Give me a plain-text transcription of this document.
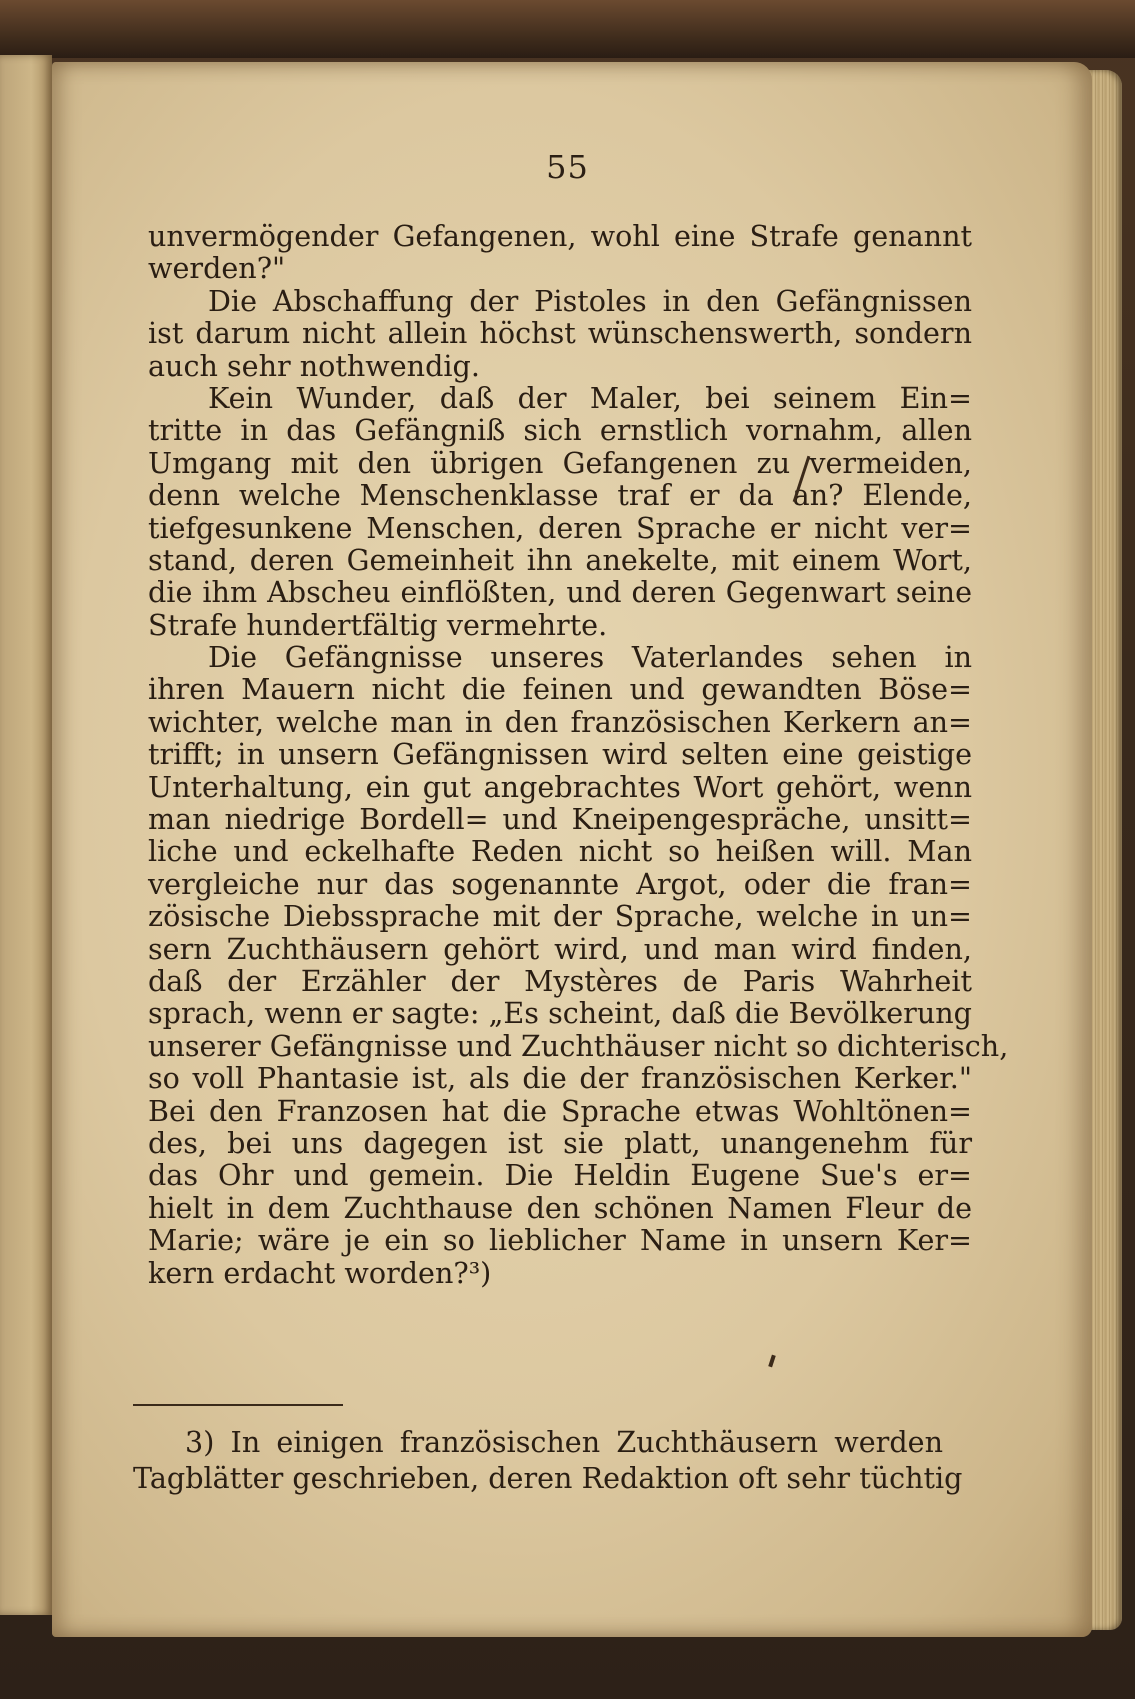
55
unvermögender Gefangenen, wohl eine Strafe genannt
werden?"
Die Abschaffung der Pistoles in den Gefängnissen
ist darum nicht allein höchst wünschenswerth, sondern
auch sehr nothwendig.
Kein Wunder, daß der Maler, bei seinem Ein=
tritte in das Gefängniß sich ernstlich vornahm, allen
Umgang mit den übrigen Gefangenen zu vermeiden,
denn welche Menschenklasse traf er da an? Elende,
tiefgesunkene Menschen, deren Sprache er nicht ver=
stand, deren Gemeinheit ihn anekelte, mit einem Wort,
die ihm Abscheu einflößten, und deren Gegenwart seine
Strafe hundertfältig vermehrte.
Die Gefängnisse unseres Vaterlandes sehen in
ihren Mauern nicht die feinen und gewandten Böse=
wichter, welche man in den französischen Kerkern an=
trifft; in unsern Gefängnissen wird selten eine geistige
Unterhaltung, ein gut angebrachtes Wort gehört, wenn
man niedrige Bordell= und Kneipengespräche, unsitt=
liche und eckelhafte Reden nicht so heißen will. Man
vergleiche nur das sogenannte Argot, oder die fran=
zösische Diebssprache mit der Sprache, welche in un=
sern Zuchthäusern gehört wird, und man wird finden,
daß der Erzähler der Mystères de Paris Wahrheit
sprach, wenn er sagte: „Es scheint, daß die Bevölkerung
unserer Gefängnisse und Zuchthäuser nicht so dichterisch,
so voll Phantasie ist, als die der französischen Kerker."
Bei den Franzosen hat die Sprache etwas Wohltönen=
des, bei uns dagegen ist sie platt, unangenehm für
das Ohr und gemein. Die Heldin Eugene Sue's er=
hielt in dem Zuchthause den schönen Namen Fleur de
Marie; wäre je ein so lieblicher Name in unsern Ker=
kern erdacht worden?³)
3) In einigen französischen Zuchthäusern werden
Tagblätter geschrieben, deren Redaktion oft sehr tüchtig
